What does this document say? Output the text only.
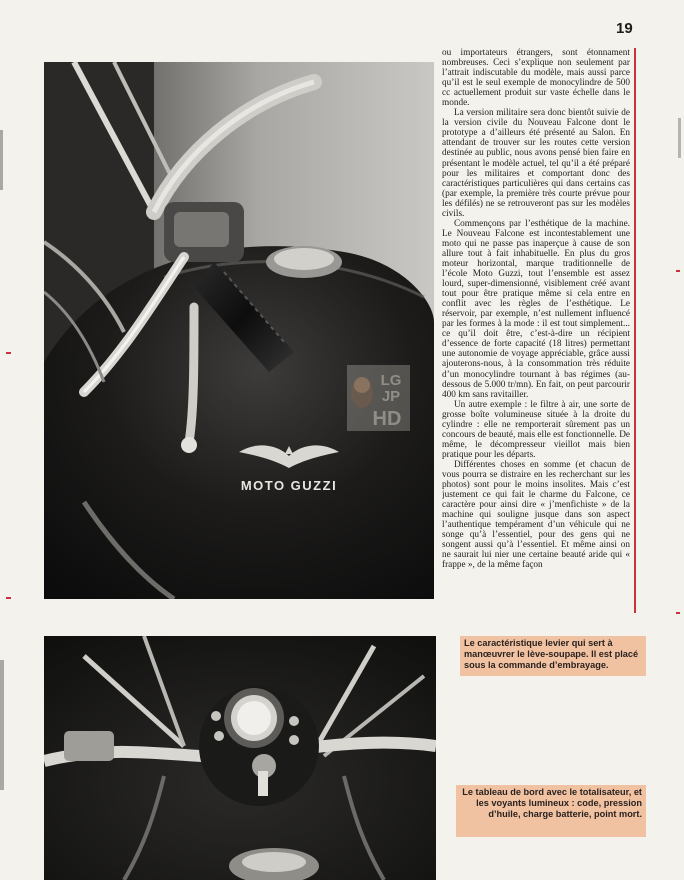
19
MOTO GUZZI

ou importateurs étrangers, sont étonnament nombreuses. Ceci s’explique non seulement par l’attrait indiscutable du modèle, mais aussi parce qu’il est le seul exemple de monocylindre de 500 cc actuellement produit sur vaste échelle dans le monde.

La version militaire sera donc bientôt suivie de la version civile du Nouveau Falcone dont le prototype a d’ailleurs été présenté au Salon. En attendant de trouver sur les routes cette version destinée au public, nous avons pensé bien faire en présentant le modèle actuel, tel qu’il a été préparé pour les militaires et comportant donc des caractéristiques particulières qui dans certains cas (par exemple, la première très courte prévue pour les défilés) ne se retrouveront pas sur les modèles civils.

Commençons par l’esthétique de la machine. Le Nouveau Falcone est incontestablement une moto qui ne passe pas inaperçue à cause de son allure tout à fait inhabituelle. En plus du gros moteur horizontal, marque traditionnelle de l’école Moto Guzzi, tout l’ensemble est assez lourd, super-dimensionné, visiblement créé avant tout pour être pratique même si cela entre en conflit avec les règles de l’esthétique. Le réservoir, par exemple, n’est nullement influencé par les formes à la mode : il est tout simplement... ce qu’il doit être, c’est-à-dire un récipient d’essence de forte capacité (18 litres) permettant une autonomie de voyage appréciable, grâce aussi ajouterons-nous, à la consommation très réduite d’un monocylindre tournant à bas régimes (au-dessous de 5.000 tr/mn). En fait, on peut parcourir 400 km sans ravitailler.

Un autre exemple : le filtre à air, une sorte de grosse boîte volumineuse située à la droite du cylindre : elle ne remporterait sûrement pas un concours de beauté, mais elle est fonctionnelle. De même, le décompresseur vieillot mais bien pratique pour les départs.

Différentes choses en somme (et chacun de vous pourra se distraire en les recherchant sur les photos) sont pour le moins insolites. Mais c’est justement ce qui fait le charme du Falcone, ce caractère pour ainsi dire « j’menfichiste » de la machine qui souligne jusque dans son aspect l’authentique tempérament d’un véhicule qui ne songe qu’à l’essentiel, pour des gens qui ne songent aussi qu’à l’essentiel. Et même ainsi on ne saurait lui nier une certaine beauté aride qui « frappe », de la même façon

LG
JP
HD
Le caractéristique levier qui sert à manœuvrer le lève-soupape. Il est placé sous la commande d’embrayage.
Le tableau de bord avec le totalisateur, et les voyants lumineux : code, pression d’huile, charge batterie, point mort.
